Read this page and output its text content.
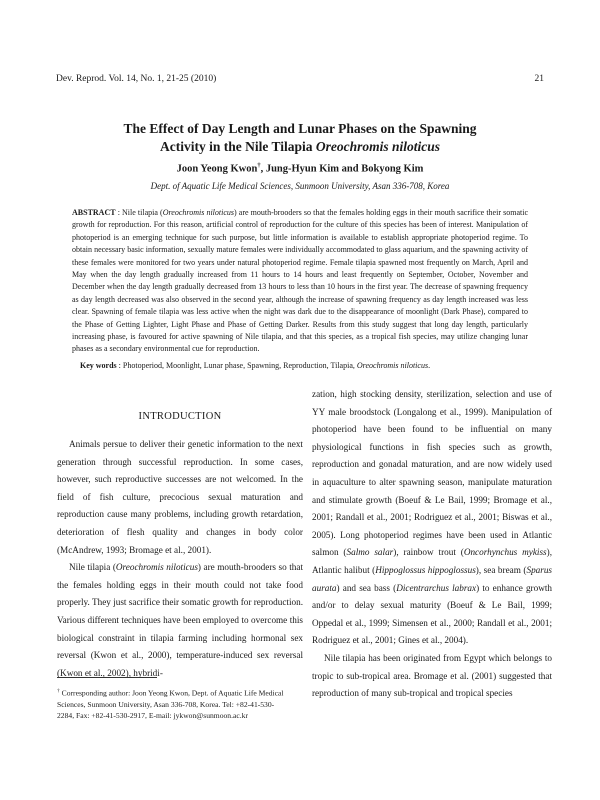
Dev. Reprod. Vol. 14, No. 1, 21-25 (2010)	21
The Effect of Day Length and Lunar Phases on the Spawning
Activity in the Nile Tilapia Oreochromis niloticus
Joon Yeong Kwon†, Jung-Hyun Kim and Bokyong Kim
Dept. of Aquatic Life Medical Sciences, Sunmoon University, Asan 336-708, Korea
ABSTRACT : Nile tilapia (Oreochromis niloticus) are mouth-brooders so that the females holding eggs in their mouth sacrifice their somatic growth for reproduction. For this reason, artificial control of reproduction for the culture of this species has been of interest. Manipulation of photoperiod is an emerging technique for such purpose, but little information is available to establish appropriate photoperiod regime. To obtain necessary basic information, sexually mature females were individually accommodated to glass aquarium, and the spawning activity of these females were monitored for two years under natural photoperiod regime. Female tilapia spawned most frequently on March, April and May when the day length gradually increased from 11 hours to 14 hours and least frequently on September, October, November and December when the day length gradually decreased from 13 hours to less than 10 hours in the first year. The decrease of spawning frequency as day length decreased was also observed in the second year, although the increase of spawning frequency as day length increased was less clear. Spawning of female tilapia was less active when the night was dark due to the disappearance of moonlight (Dark Phase), compared to the Phase of Getting Lighter, Light Phase and Phase of Getting Darker. Results from this study suggest that long day length, particularly increasing phase, is favoured for active spawning of Nile tilapia, and that this species, as a tropical fish species, may utilize changing lunar phases as a secondary environmental cue for reproduction.
Key words : Photoperiod, Moonlight, Lunar phase, Spawning, Reproduction, Tilapia, Oreochromis niloticus.

INTRODUCTION

Animals persue to deliver their genetic information to the next generation through successful reproduction. In some cases, however, such reproductive successes are not welcomed. In the field of fish culture, precocious sexual maturation and reproduction cause many problems, including growth retardation, deterioration of flesh quality and changes in body color (McAndrew, 1993; Bromage et al., 2001).

Nile tilapia (Oreochromis niloticus) are mouth-brooders so that the females holding eggs in their mouth could not take food properly. They just sacrifice their somatic growth for reproduction. Various different techniques have been employed to overcome this biological constraint in tilapia farming including hormonal sex reversal (Kwon et al., 2000), temperature-induced sex reversal (Kwon et al., 2002), hybridi-

zation, high stocking density, sterilization, selection and use of YY male broodstock (Longalong et al., 1999). Manipulation of photoperiod have been found to be influential on many physiological functions in fish species such as growth, reproduction and gonadal maturation, and are now widely used in aquaculture to alter spawning season, manipulate maturation and stimulate growth (Boeuf & Le Bail, 1999; Bromage et al., 2001; Randall et al., 2001; Rodriguez et al., 2001; Biswas et al., 2005). Long photoperiod regimes have been used in Atlantic salmon (Salmo salar), rainbow trout (Oncorhynchus mykiss), Atlantic halibut (Hippoglossus hippoglossus), sea bream (Sparus aurata) and sea bass (Dicentrarchus labrax) to enhance growth and/or to delay sexual maturity (Boeuf & Le Bail, 1999; Oppedal et al., 1999; Simensen et al., 2000; Randall et al., 2001; Rodriguez et al., 2001; Gines et al., 2004).

Nile tilapia has been originated from Egypt which belongs to tropic to sub-tropical area. Bromage et al. (2001) suggested that reproduction of many sub-tropical and tropical species

† Corresponding author: Joon Yeong Kwon, Dept. of Aquatic Life Medical Sciences, Sunmoon University, Asan 336-708, Korea. Tel: +82-41-530-2284, Fax: +82-41-530-2917, E-mail: jykwon@sunmoon.ac.kr
